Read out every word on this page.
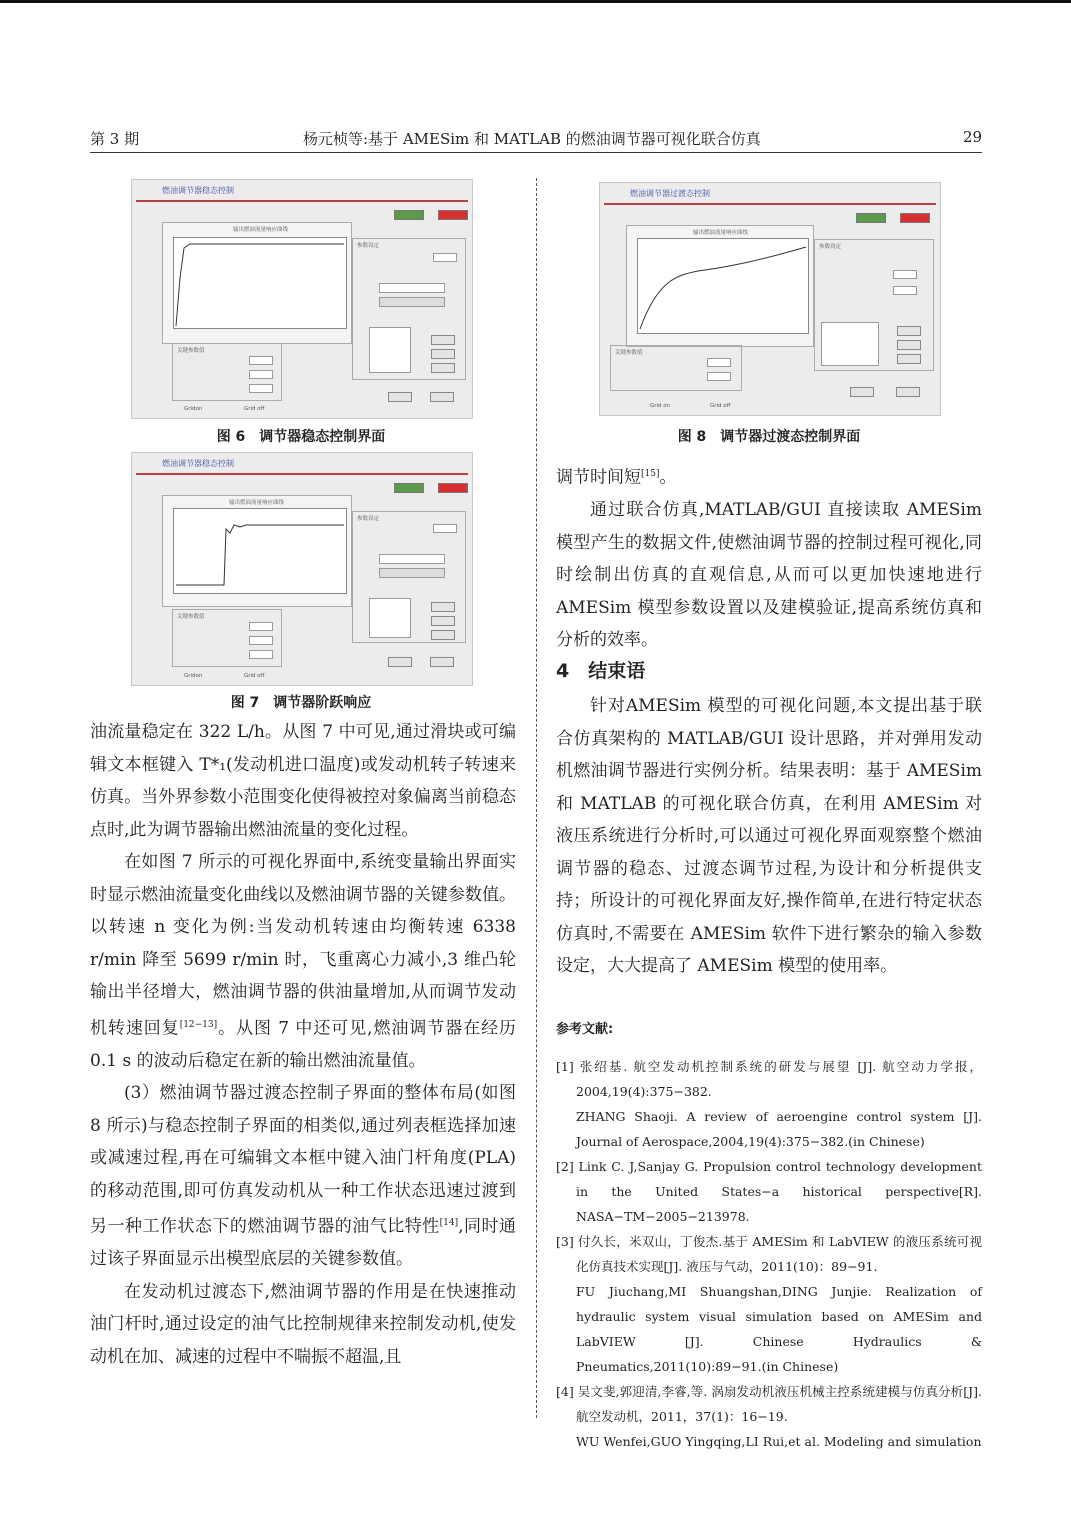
第 3 期	杨元桢等:基于 AMESim 和 MATLAB 的燃油调节器可视化联合仿真	29
燃油调节器稳态控制
输出燃油流量响应曲线
参数设定
关键参数值
Gridon	Grid off
图 6　调节器稳态控制界面
燃油调节器稳态控制
输出燃油流量响应曲线
参数设定
关键参数值
Gridon	Grid off
图 7　调节器阶跃响应
燃油调节器过渡态控制
输出燃油流量响应曲线
参数设定
关键参数值
Grid on	Grid off
图 8　调节器过渡态控制界面

油流量稳定在 322 L/h。从图 7 中可见,通过滑块或可编辑文本框键入 T*₁(发动机进口温度)或发动机转子转速来仿真。当外界参数小范围变化使得被控对象偏离当前稳态点时,此为调节器输出燃油流量的变化过程。

在如图 7 所示的可视化界面中,系统变量输出界面实时显示燃油流量变化曲线以及燃油调节器的关键参数值。以转速 n 变化为例:当发动机转速由均衡转速 6338 r/min 降至 5699 r/min 时，飞重离心力减小,3 维凸轮输出半径增大，燃油调节器的供油量增加,从而调节发动机转速回复[12−13]。从图 7 中还可见,燃油调节器在经历 0.1 s 的波动后稳定在新的输出燃油流量值。

(3）燃油调节器过渡态控制子界面的整体布局(如图 8 所示)与稳态控制子界面的相类似,通过列表框选择加速或减速过程,再在可编辑文本框中键入油门杆角度(PLA)的移动范围,即可仿真发动机从一种工作状态迅速过渡到另一种工作状态下的燃油调节器的油气比特性[14],同时通过该子界面显示出模型底层的关键参数值。

在发动机过渡态下,燃油调节器的作用是在快速推动油门杆时,通过设定的油气比控制规律来控制发动机,使发动机在加、减速的过程中不喘振不超温,且

调节时间短[15]。

通过联合仿真,MATLAB/GUI 直接读取 AMESim 模型产生的数据文件,使燃油调节器的控制过程可视化,同时绘制出仿真的直观信息,从而可以更加快速地进行 AMESim 模型参数设置以及建模验证,提高系统仿真和分析的效率。

4　结束语

针对AMESim 模型的可视化问题,本文提出基于联合仿真架构的 MATLAB/GUI 设计思路，并对弹用发动机燃油调节器进行实例分析。结果表明：基于 AMESim 和 MATLAB 的可视化联合仿真，在利用 AMESim 对液压系统进行分析时,可以通过可视化界面观察整个燃油调节器的稳态、过渡态调节过程,为设计和分析提供支持；所设计的可视化界面友好,操作简单,在进行特定状态仿真时,不需要在 AMESim 软件下进行繁杂的输入参数设定，大大提高了 AMESim 模型的使用率。

参考文献:

[1] 张绍基. 航空发动机控制系统的研发与展望 [J]. 航空动力学报，2004,19(4):375−382.

ZHANG Shaoji. A review of aeroengine control system [J]. Journal of Aerospace,2004,19(4):375−382.(in Chinese)

[2] Link C. J,Sanjay G. Propulsion control technology development in the United States−a historical perspective[R]. NASA−TM−2005−213978.

[3] 付久长，米双山，丁俊杰.基于 AMESim 和 LabVIEW 的液压系统可视化仿真技术实现[J]. 液压与气动，2011(10)：89−91.

FU Jiuchang,MI Shuangshan,DING Junjie. Realization of hydraulic system visual simulation based on AMESim and LabVIEW [J]. Chinese Hydraulics & Pneumatics,2011(10):89−91.(in Chinese)

[4] 吴文斐,郭迎清,李睿,等. 涡扇发动机液压机械主控系统建模与仿真分析[J]. 航空发动机，2011，37(1)：16−19.

WU Wenfei,GUO Yingqing,LI Rui,et al. Modeling and simulation
